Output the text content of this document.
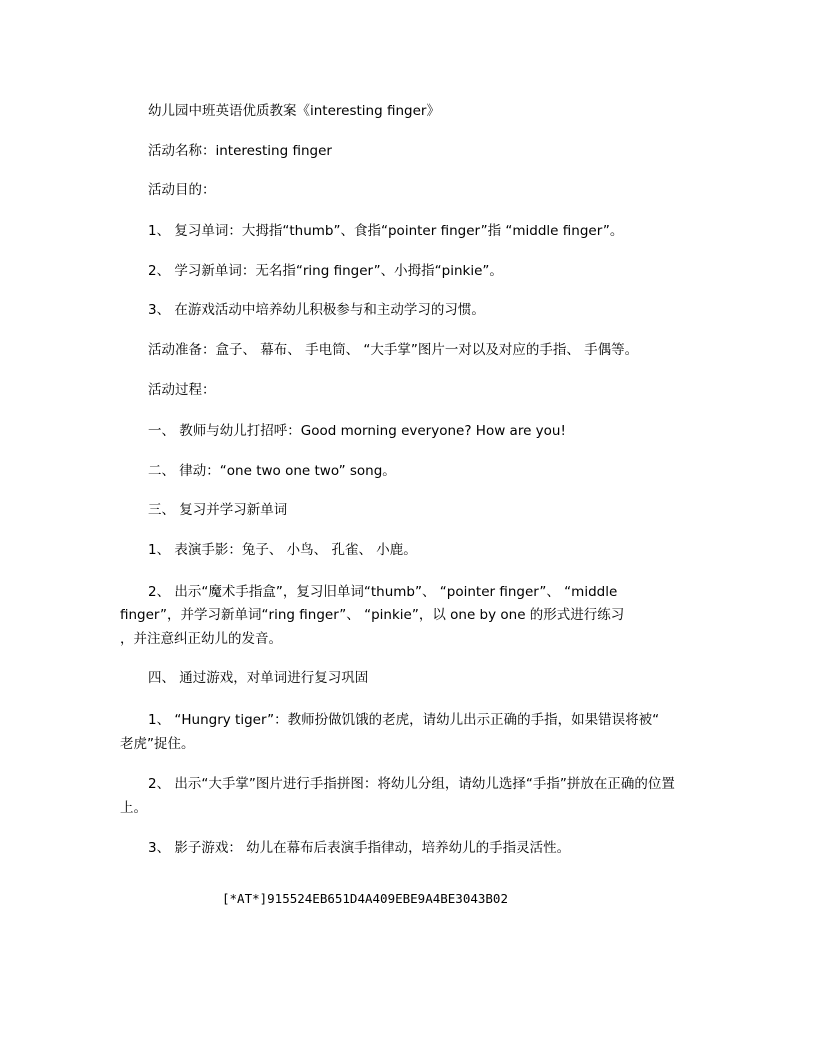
幼儿园中班英语优质教案《interesting finger》
活动名称：interesting finger
活动目的：
1、 复习单词：大拇指“thumb”、食指“pointer finger”指 “middle finger”。
2、 学习新单词：无名指“ring finger”、小拇指“pinkie”。
3、 在游戏活动中培养幼儿积极参与和主动学习的习惯。
活动准备：盒子、 幕布、 手电筒、 “大手掌”图片一对以及对应的手指、 手偶等。
活动过程：
一、 教师与幼儿打招呼：Good morning everyone? How are you!
二、 律动：“one two one two” song。
三、 复习并学习新单词
1、 表演手影：兔子、 小鸟、 孔雀、 小鹿。
2、 出示“魔术手指盒”，复习旧单词“thumb”、 “pointer finger”、 “middle
finger”，并学习新单词“ring finger”、 “pinkie”，以 one by one 的形式进行练习
，并注意纠正幼儿的发音。
四、 通过游戏，对单词进行复习巩固
1、 “Hungry tiger”：教师扮做饥饿的老虎，请幼儿出示正确的手指，如果错误将被“
老虎”捉住。
2、 出示“大手掌”图片进行手指拼图：将幼儿分组，请幼儿选择“手指”拼放在正确的位置
上。
3、 影子游戏： 幼儿在幕布后表演手指律动，培养幼儿的手指灵活性。
[*AT*]915524EB651D4A409EBE9A4BE3043B02
